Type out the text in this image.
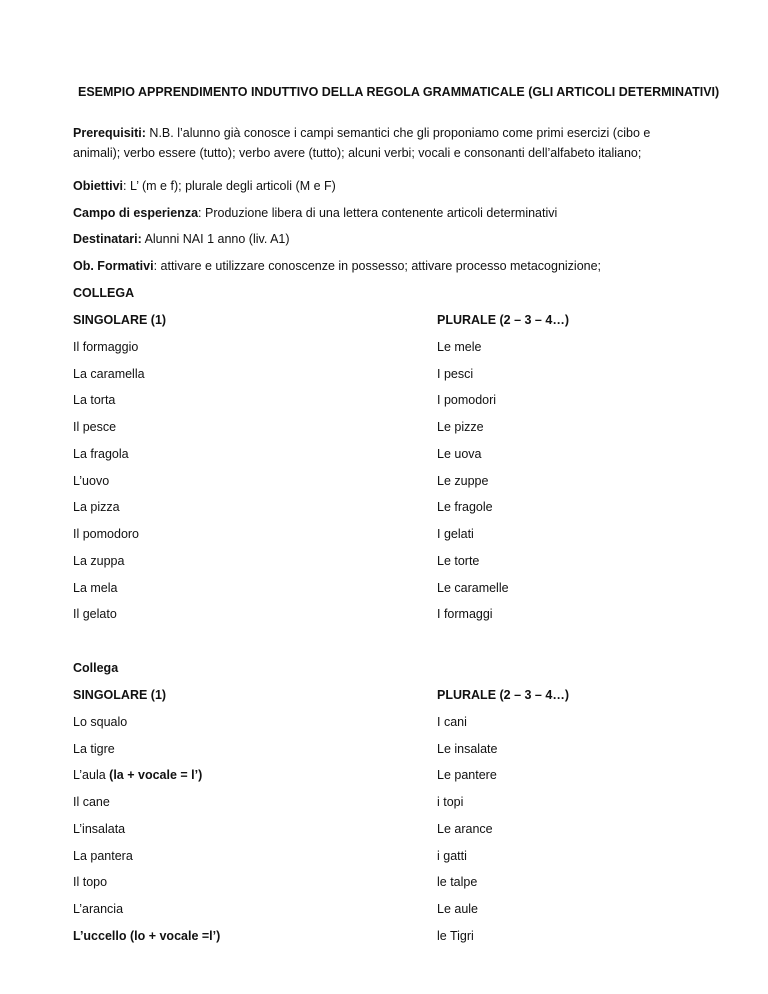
ESEMPIO APPRENDIMENTO INDUTTIVO DELLA REGOLA GRAMMATICALE (GLI ARTICOLI DETERMINATIVI)
Prerequisiti: N.B. l’alunno già conosce i campi semantici che gli proponiamo come primi esercizi (cibo e animali); verbo essere (tutto); verbo avere (tutto); alcuni verbi; vocali e consonanti dell’alfabeto italiano;
Obiettivi: L’ (m e f); plurale degli articoli (M e F)
Campo di esperienza: Produzione libera di una lettera contenente articoli determinativi
Destinatari: Alunni NAI 1 anno (liv. A1)
Ob. Formativi: attivare e utilizzare conoscenze in possesso; attivare processo metacognizione;
COLLEGA
SINGOLARE (1)	PLURALE (2 – 3 – 4…)
Il formaggio	Le mele
La caramella	I pesci
La torta	I pomodori
Il pesce	Le pizze
La fragola	Le uova
L’uovo	Le zuppe
La pizza	Le fragole
Il pomodoro	I gelati
La zuppa	Le torte
La mela	Le caramelle
Il gelato	I formaggi
Collega
SINGOLARE (1)	PLURALE (2 – 3 – 4…)
Lo squalo	I cani
La tigre	Le insalate
L’aula (la + vocale = l’)	Le pantere
Il cane	i topi
L’insalata	Le arance
La pantera	i gatti
Il topo	le talpe
L’arancia	Le aule
L’uccello (lo + vocale =l’)	le Tigri
